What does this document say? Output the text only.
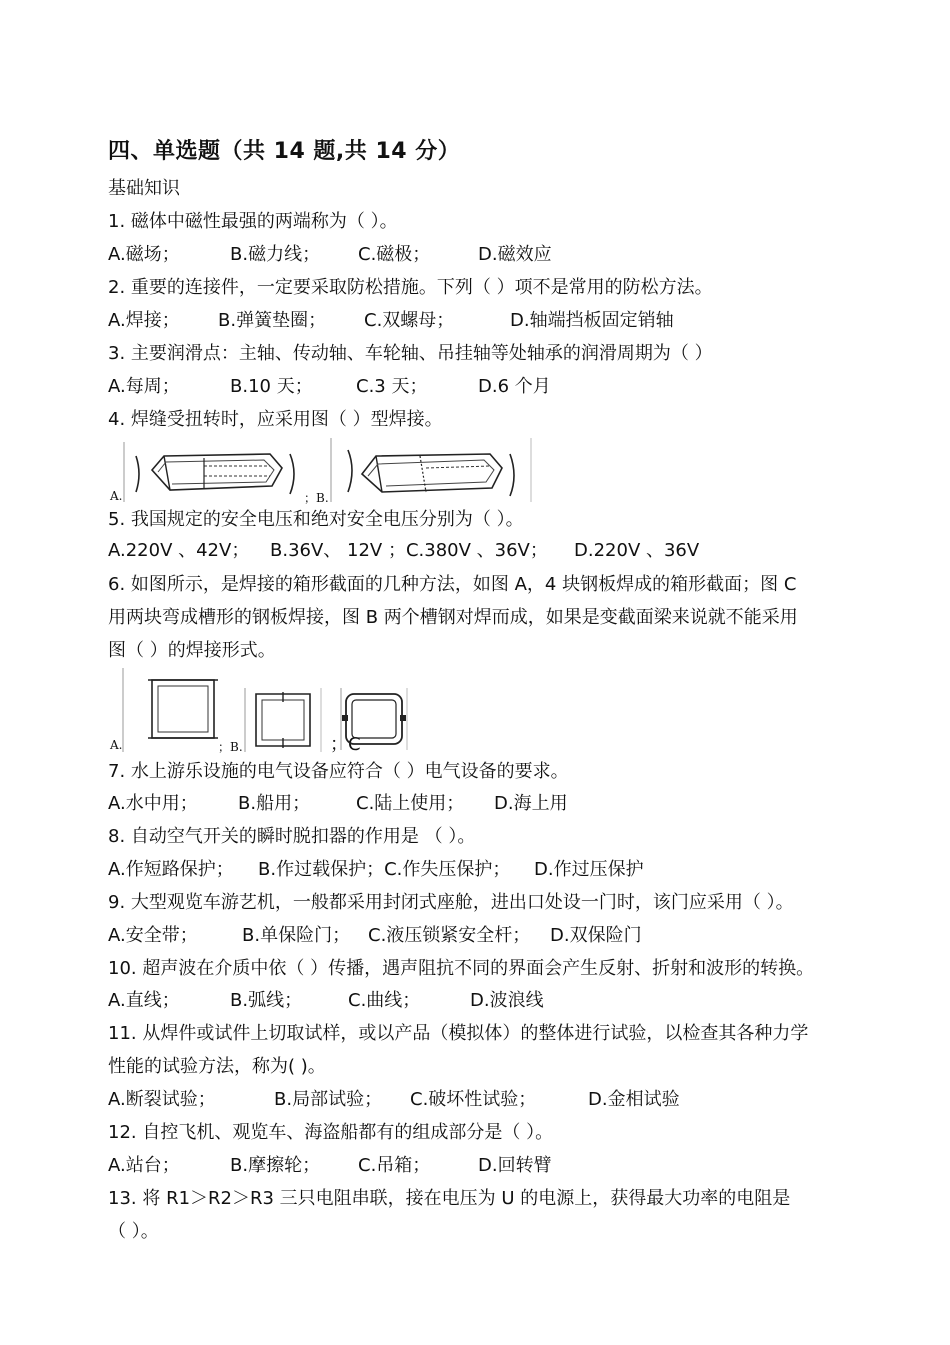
四、单选题（共 14 题,共 14 分）
基础知识
1. 磁体中磁性最强的两端称为（ ）。
A.磁场；	B.磁力线； C.磁极；	D.磁效应
2. 重要的连接件，一定要采取防松措施。下列（ ）项不是常用的防松方法。
A.焊接； B.弹簧垫圈； C.双螺母；	D.轴端挡板固定销轴
3. 主要润滑点：主轴、传动轴、车轮轴、吊挂轴等处轴承的润滑周期为（ ）
A.每周；	B.10 天； C.3 天；	D.6 个月
4. 焊缝受扭转时，应采用图（ ）型焊接。
A.	；B.
5. 我国规定的安全电压和绝对安全电压分别为（ ）。
A.220V 、42V； B.36V、 12V ；C.380V 、36V； D.220V 、36V
6. 如图所示，是焊接的箱形截面的几种方法，如图 A，4 块钢板焊成的箱形截面；图 C
用两块弯成槽形的钢板焊接，图 B 两个槽钢对焊而成，如果是变截面梁来说就不能采用
图（ ）的焊接形式。
A.	；B.	；C
7. 水上游乐设施的电气设备应符合（ ）电气设备的要求。
A.水中用； B.船用；	C.陆上使用； D.海上用
8. 自动空气开关的瞬时脱扣器的作用是 （ ）。
A.作短路保护； B.作过载保护；C.作失压保护； D.作过压保护
9. 大型观览车游艺机，一般都采用封闭式座舱，进出口处设一门时，该门应采用（ ）。
A.安全带； B.单保险门； C.液压锁紧安全杆； D.双保险门
10. 超声波在介质中依（ ）传播，遇声阻抗不同的界面会产生反射、折射和波形的转换。
A.直线；	B.弧线；	C.曲线；	D.波浪线
11. 从焊件或试件上切取试样，或以产品（模拟体）的整体进行试验，以检查其各种力学
性能的试验方法，称为( )。
A.断裂试验；	B.局部试验； C.破坏性试验；	D.金相试验
12. 自控飞机、观览车、海盗船都有的组成部分是（ ）。
A.站台；	B.摩擦轮； C.吊箱；	D.回转臂
13. 将 R1＞R2＞R3 三只电阻串联，接在电压为 U 的电源上，获得最大功率的电阻是
（ ）。
